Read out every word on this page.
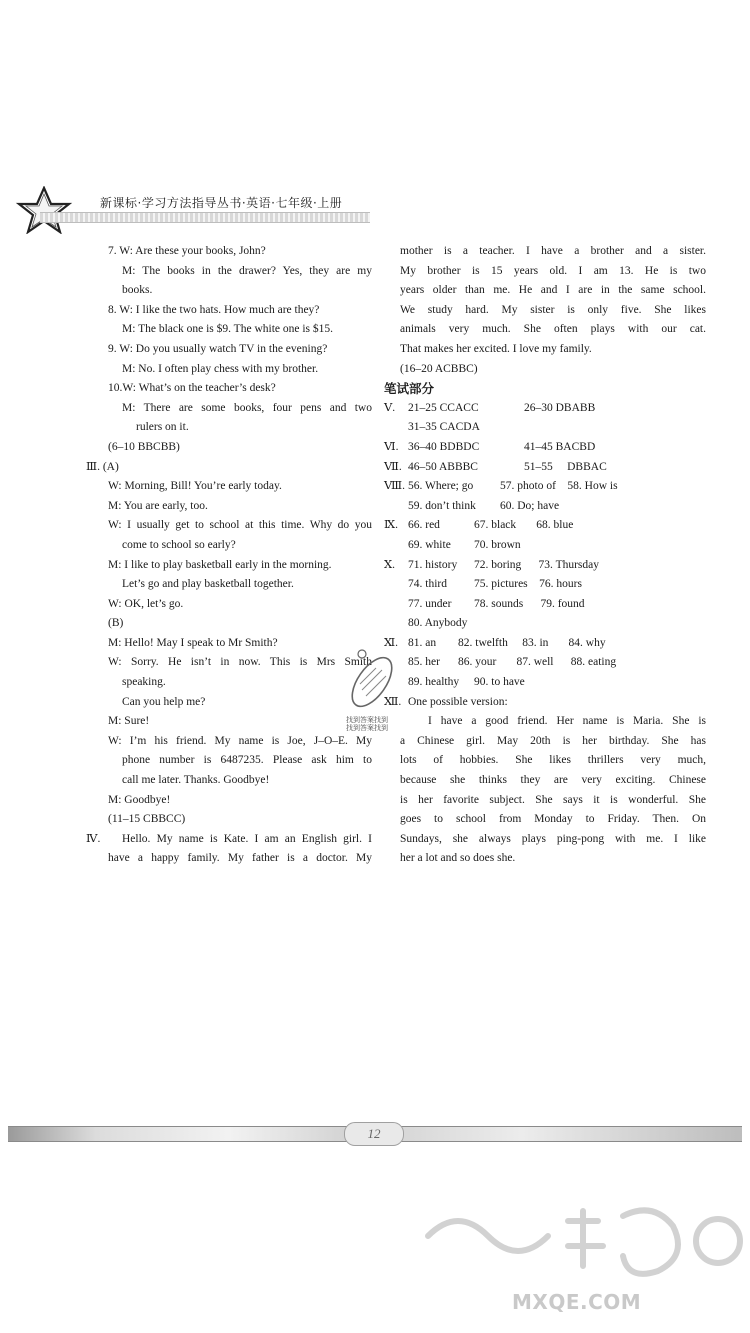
新课标·学习方法指导丛书·英语·七年级·上册
7. W: Are these your books, John?
M: The books in the drawer? Yes, they are my
books.
8. W: I like the two hats. How much are they?
M: The black one is $9. The white one is $15.
9. W: Do you usually watch TV in the evening?
M: No. I often play chess with my brother.
10.W: What’s on the teacher’s desk?
M: There are some books, four pens and two
rulers on it.
(6–10 BBCBB)
Ⅲ. (A)
W: Morning, Bill! You’re early today.
M: You are early, too.
W: I usually get to school at this time. Why do you
come to school so early?
M: I like to play basketball early in the morning.
Let’s go and play basketball together.
W: OK, let’s go.
(B)
M: Hello! May I speak to Mr Smith?
W: Sorry. He isn’t in now. This is Mrs Smith
speaking.
Can you help me?
M: Sure!
W: I’m his friend. My name is Joe, J–O–E. My
phone number is 6487235. Please ask him to
call me later. Thanks. Goodbye!
M: Goodbye!
(11–15 CBBCC)
Ⅳ.	Hello. My name is Kate. I am an English girl. I
have a happy family. My father is a doctor. My
mother is a teacher. I have a brother and a sister.
My brother is 15 years old. I am 13. He is two
years older than me. He and I are in the same school.
We study hard. My sister is only five. She likes
animals very much. She often plays with our cat.
That makes her excited. I love my family.
(16–20 ACBBC)
笔试部分
Ⅴ. 21–25 CCACC	26–30 DBABB
31–35 CACDA
Ⅵ. 36–40 BDBDC	41–45 BACBD
Ⅶ. 46–50 ABBBC	51–55     DBBAC
Ⅷ. 56. Where; go 57. photo of    58. How is
59. don’t think 60. Do; have
Ⅸ. 66. red	67. black       68. blue
69. white 70. brown
Ⅹ. 71. history 72. boring      73. Thursday
74. third 75. pictures    76. hours
77. under 78. sounds      79. found
80. Anybody
Ⅺ. 81. an 82. twelfth     83. in       84. why
85. her 86. your       87. well      88. eating
89. healthy 90. to have
Ⅻ. One possible version:
I have a good friend. Her name is Maria. She is
a Chinese girl. May 20th is her birthday. She has
lots of hobbies. She likes thrillers very much,
because she thinks they are very exciting. Chinese
is her favorite subject. She says it is wonderful. She
goes to school from Monday to Friday. Then. On
Sundays, she always plays ping-pong with me. I like
her a lot and so does she.
找到答案找到
找到答案找到
12
MXQE.COM
